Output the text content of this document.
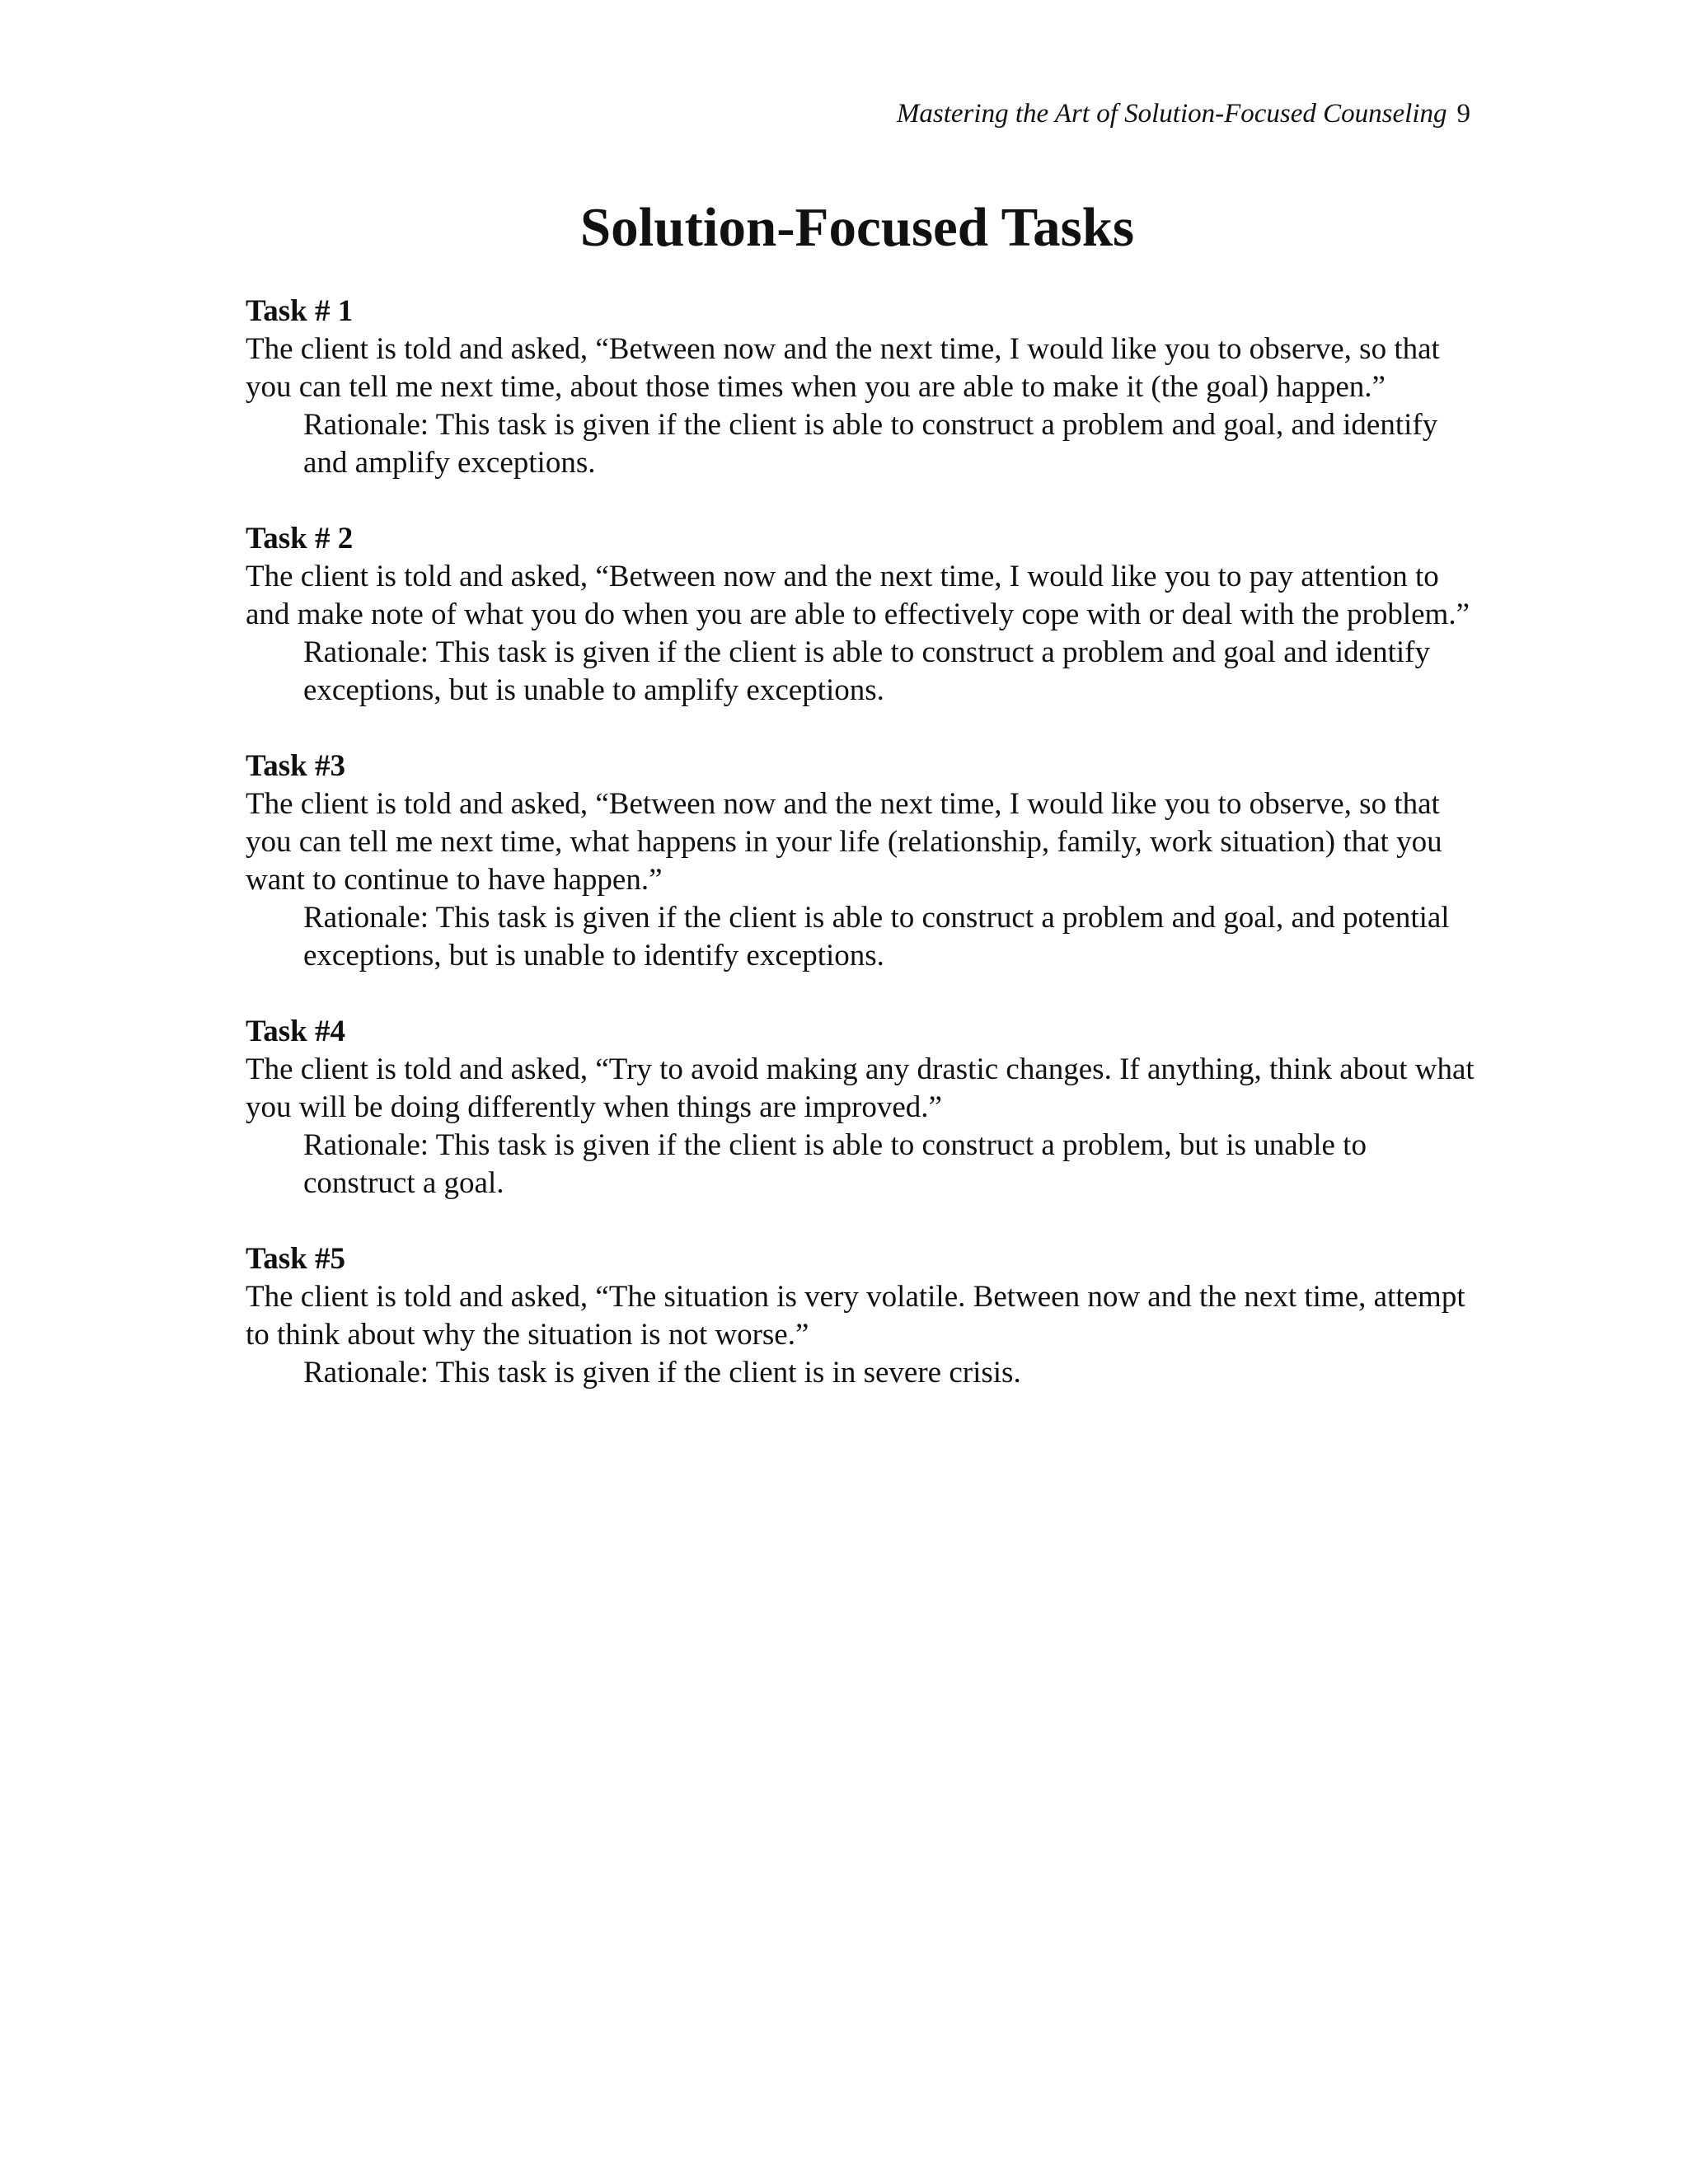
Mastering the Art of Solution-Focused Counseling 9
Solution-Focused Tasks

Task # 1

The client is told and asked, “Between now and the next time, I would like you to observe, so that you can tell me next time, about those times when you are able to make it (the goal) happen.”

Rationale: This task is given if the client is able to construct a problem and goal, and identify and amplify exceptions.

Task # 2

The client is told and asked, “Between now and the next time, I would like you to pay attention to and make note of what you do when you are able to effectively cope with or deal with the problem.”

Rationale: This task is given if the client is able to construct a problem and goal and identify exceptions, but is unable to amplify exceptions.

Task #3

The client is told and asked, “Between now and the next time, I would like you to observe, so that you can tell me next time, what happens in your life (relationship, family, work situation) that you want to continue to have happen.”

Rationale: This task is given if the client is able to construct a problem and goal, and potential exceptions, but is unable to identify exceptions.

Task #4

The client is told and asked, “Try to avoid making any drastic changes. If anything, think about what you will be doing differently when things are improved.”

Rationale: This task is given if the client is able to construct a problem, but is unable to construct a goal.

Task #5

The client is told and asked, “The situation is very volatile. Between now and the next time, attempt to think about why the situation is not worse.”

Rationale: This task is given if the client is in severe crisis.
